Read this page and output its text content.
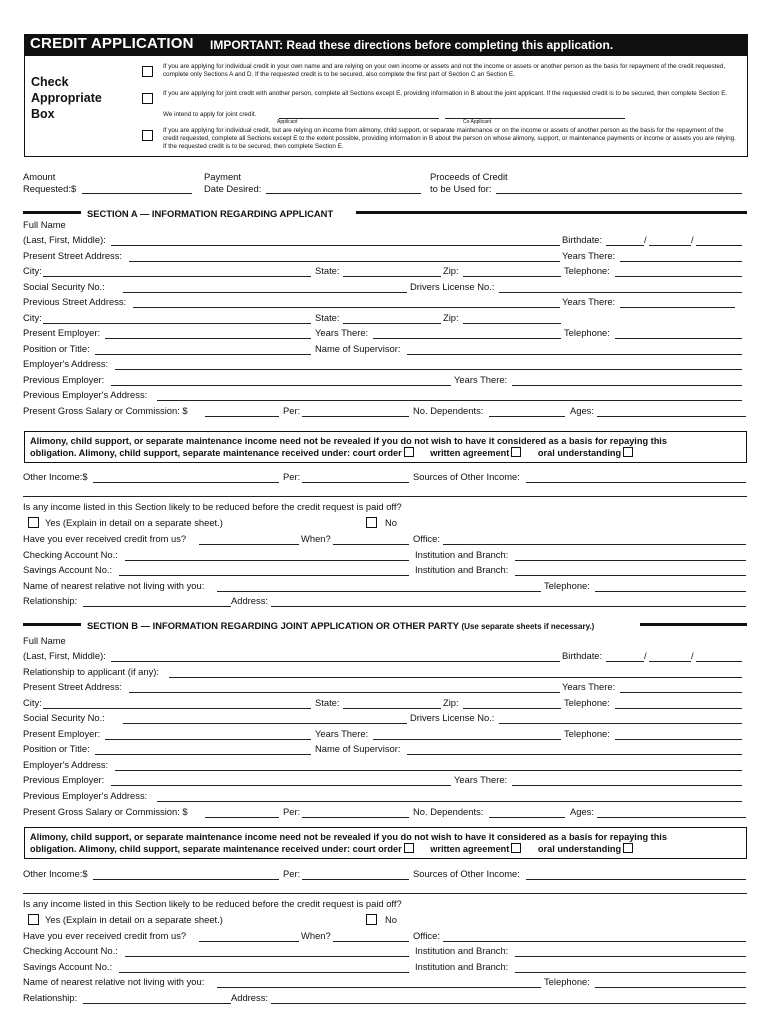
CREDIT APPLICATION IMPORTANT: Read these directions before completing this application.
Check
Appropriate
Box
If you are applying for individual credit in your own name and are relying on your own income or assets and not the income or assets or another person as the basis for repayment of the credit requested, complete only Sections A and D. If the requested credit is to be secured, also complete the first part of Section C an Section E.
If you are applying for joint credit with another person, complete all Sections except E, providing information in B about the joint applicant. If the requested credit is to be secured, then complete Section E.
We intend to apply for joint credit.
Applicant	Co Applicant
If you are applying for individual credit, but are relying on income from alimony, child support, or separate maintenance or on the income or assets of another person as the basis for the repayment of the credit requested, complete all Sections except E to the extent possible, providing information in B about the person on whose alimony, support, or maintenance payments or income or assets you are relying. If the requested credit is to be secured, then complete Section E.
Amount
Requested:$
Payment
Date Desired:
Proceeds of Credit
to be Used for:
SECTION A — INFORMATION REGARDING APPLICANT
Full Name
(Last, First, Middle):	Birthdate:	/	/
Present Street Address:	Years There:
City:	State:	Zip:	Telephone:
Social Security No.:	Drivers License No.:
Previous Street Address:	Years There:
City:	State:	Zip:
Present Employer:	Years There:	Telephone:
Position or Title:	Name of Supervisor:
Employer's Address:
Previous Employer:	Years There:
Previous Employer's Address:
Present Gross Salary or Commission: $	Per:	No. Dependents:	Ages:
Alimony, child support, or separate maintenance income need not be revealed if you do not wish to have it considered as a basis for repaying this
obligation. Alimony, child support, separate maintenance received under: court order	written agreement	oral understanding
Other Income:$	Per:	Sources of Other Income:
Is any income listed in this Section likely to be reduced before the credit request is paid off?
Yes (Explain in detail on a separate sheet.)	No
Have you ever received credit from us?	When?	Office:
Checking Account No.:	Institution and Branch:
Savings Account No.:	Institution and Branch:
Name of nearest relative not living with you:	Telephone:
Relationship:	Address:
SECTION B — INFORMATION REGARDING JOINT APPLICATION OR OTHER PARTY (Use separate sheets if necessary.)
Full Name
(Last, First, Middle):	Birthdate:	/	/
Relationship to applicant (if any):
Present Street Address:	Years There:
City:	State:	Zip:	Telephone:
Social Security No.:	Drivers License No.:
Present Employer:	Years There:	Telephone:
Position or Title:	Name of Supervisor:
Employer's Address:
Previous Employer:	Years There:
Previous Employer's Address:
Present Gross Salary or Commission: $	Per:	No. Dependents:	Ages:
Alimony, child support, or separate maintenance income need not be revealed if you do not wish to have it considered as a basis for repaying this
obligation. Alimony, child support, separate maintenance received under: court order	written agreement	oral understanding
Other Income:$	Per:	Sources of Other Income:
Is any income listed in this Section likely to be reduced before the credit request is paid off?
Yes (Explain in detail on a separate sheet.)	No
Have you ever received credit from us?	When?	Office:
Checking Account No.:	Institution and Branch:
Savings Account No.:	Institution and Branch:
Name of nearest relative not living with you:	Telephone:
Relationship:	Address:
